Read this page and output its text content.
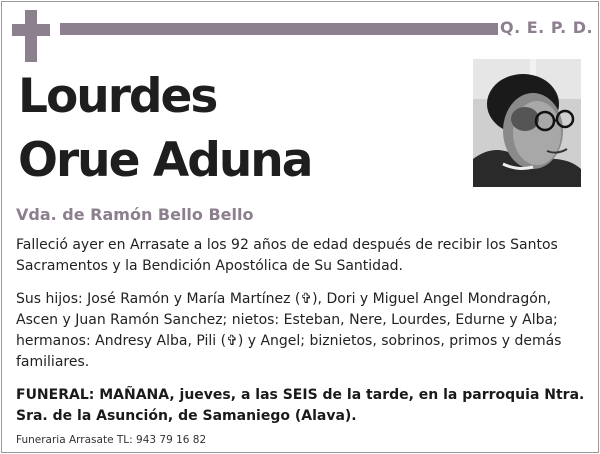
Q. E. P. D.
Lourdes
Orue Aduna
Vda. de Ramón Bello Bello
Falleció ayer en Arrasate a los 92 años de edad después de recibir los Santos Sacramentos y la Bendición Apostólica de Su Santidad.
Sus hijos: José Ramón y María Martínez (✞), Dori y Miguel Angel Mondragón, Ascen y Juan Ramón Sanchez; nietos: Esteban, Nere, Lourdes, Edurne y Alba; hermanos: Andresy Alba, Pili (✞) y Angel; biznietos, sobrinos, primos y demás familiares.
FUNERAL: MAÑANA, jueves, a las SEIS de la tarde, en la parroquia Ntra. Sra. de la Asunción, de Samaniego (Alava).
Funeraria Arrasate TL: 943 79 16 82
